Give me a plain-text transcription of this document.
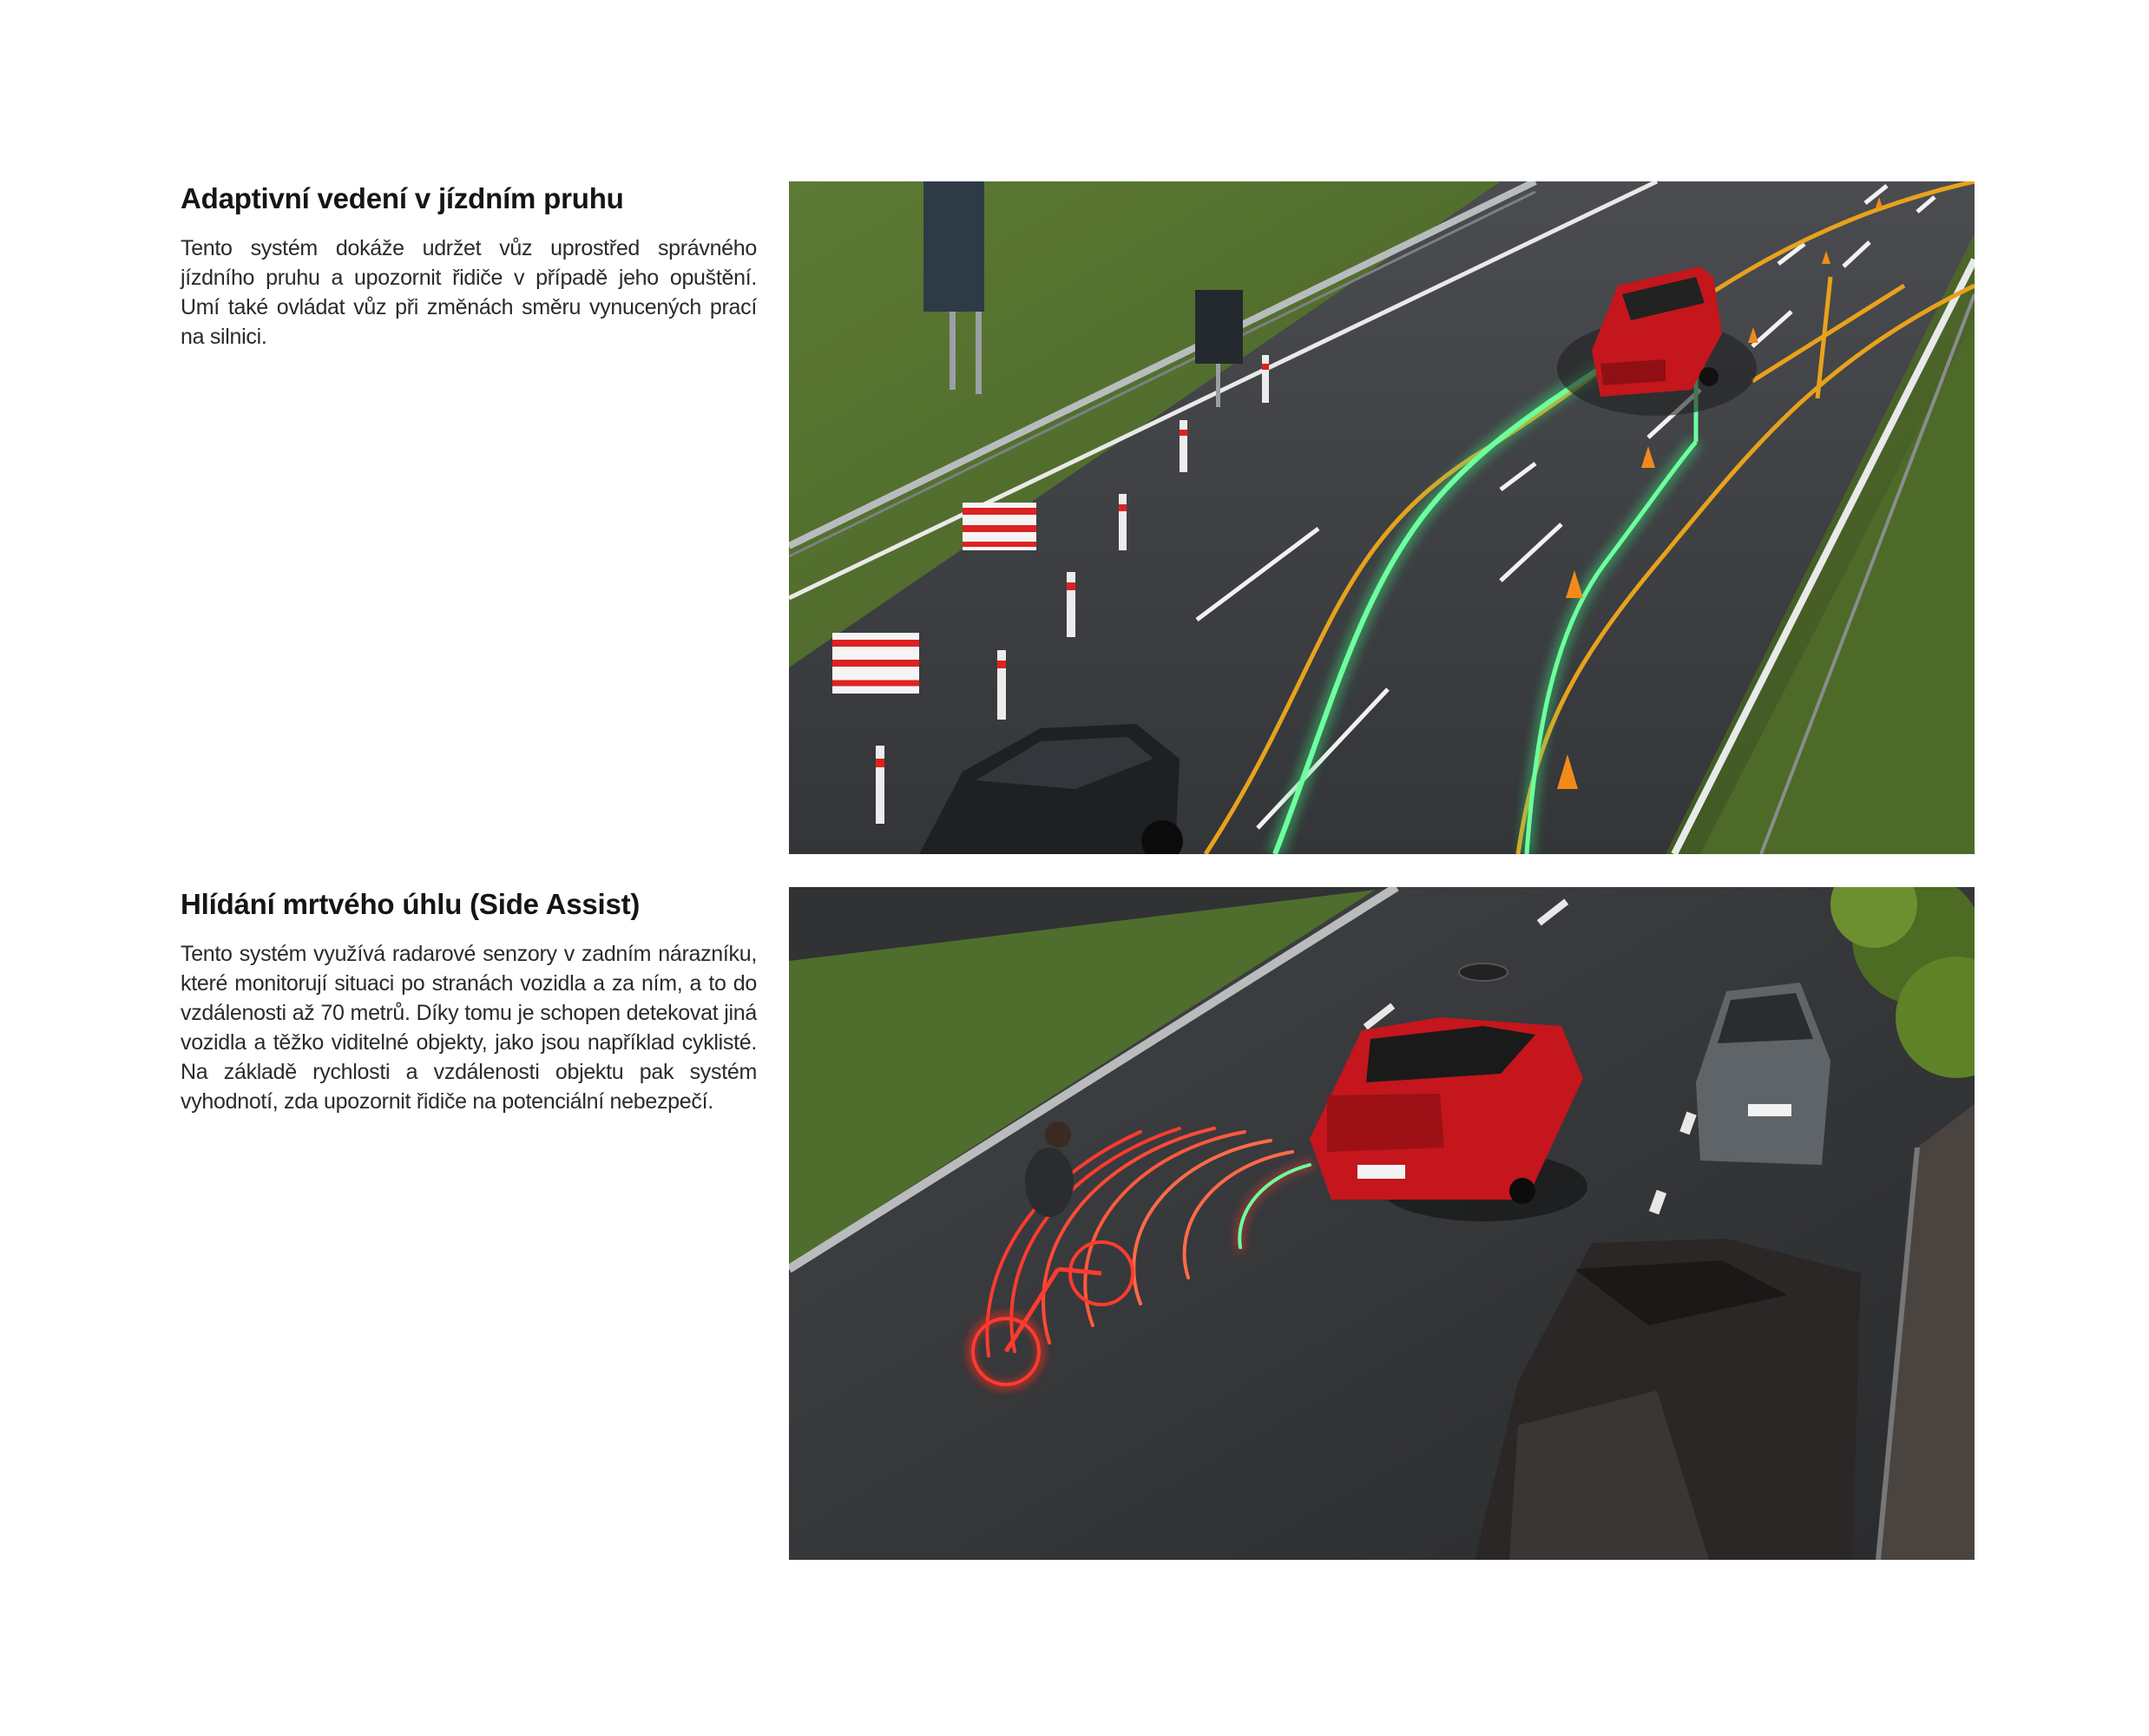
Adaptivní vedení v jízdním pruhu

Tento systém dokáže udržet vůz uprostřed správného jízdního pruhu a upozornit řidiče v případě jeho opuštění. Umí také ovládat vůz při změnách směru vynucených prací na silnici.

Hlídání mrtvého úhlu (Side Assist)

Tento systém využívá radarové senzory v zadním nárazníku, které monitorují situaci po stranách vozidla a za ním, a to do vzdálenosti až 70 metrů. Díky tomu je schopen detekovat jiná vozidla a těžko viditelné objekty, jako jsou například cyklisté. Na základě rychlosti a vzdálenosti objektu pak systém vyhodnotí, zda upozornit řidiče na potenciální nebezpečí.
